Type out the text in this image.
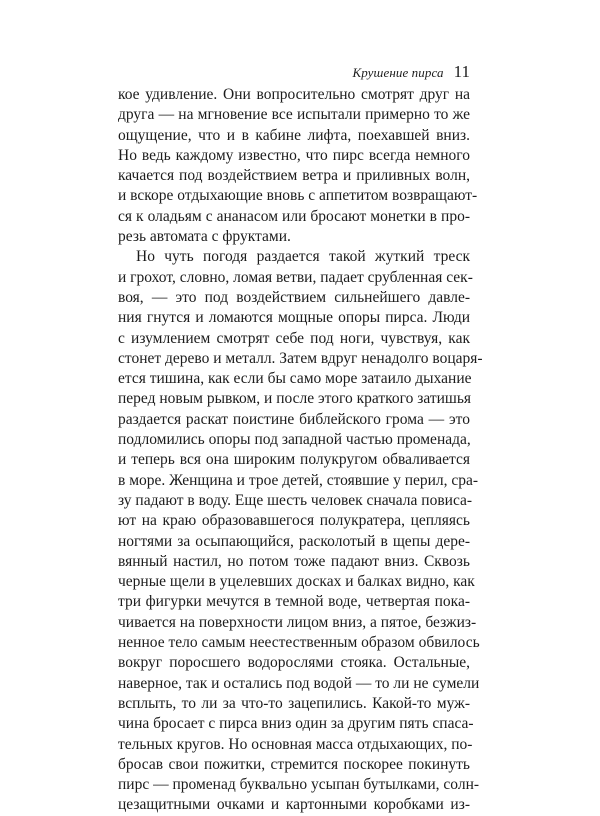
Крушение пирса 11
кое удивление. Они вопросительно смотрят друг на
друга — на мгновение все испытали примерно то же
ощущение, что и в кабине лифта, поехавшей вниз.
Но ведь каждому известно, что пирс всегда немного
качается под воздействием ветра и приливных волн,
и вскоре отдыхающие вновь с аппетитом возвращают-
ся к оладьям с ананасом или бросают монетки в про-
резь автомата с фруктами.
Но чуть погодя раздается такой жуткий треск
и грохот, словно, ломая ветви, падает срубленная сек-
воя, — это под воздействием сильнейшего давле-
ния гнутся и ломаются мощные опоры пирса. Люди
с изумлением смотрят себе под ноги, чувствуя, как
стонет дерево и металл. Затем вдруг ненадолго воцаря-
ется тишина, как если бы само море затаило дыхание
перед новым рывком, и после этого краткого затишья
раздается раскат поистине библейского грома — это
подломились опоры под западной частью променада,
и теперь вся она широким полукругом обваливается
в море. Женщина и трое детей, стоявшие у перил, сра-
зу падают в воду. Еще шесть человек сначала повиса-
ют на краю образовавшегося полукратера, цепляясь
ногтями за осыпающийся, расколотый в щепы дере-
вянный настил, но потом тоже падают вниз. Сквозь
черные щели в уцелевших досках и балках видно, как
три фигурки мечутся в темной воде, четвертая пока-
чивается на поверхности лицом вниз, а пятое, безжиз-
ненное тело самым неестественным образом обвилось
вокруг поросшего водорослями стояка. Остальные,
наверное, так и остались под водой — то ли не сумели
всплыть, то ли за что-то зацепились. Какой-то муж-
чина бросает с пирса вниз один за другим пять спаса-
тельных кругов. Но основная масса отдыхающих, по-
бросав свои пожитки, стремится поскорее покинуть
пирс — променад буквально усыпан бутылками, солн-
цезащитными очками и картонными коробками из-
